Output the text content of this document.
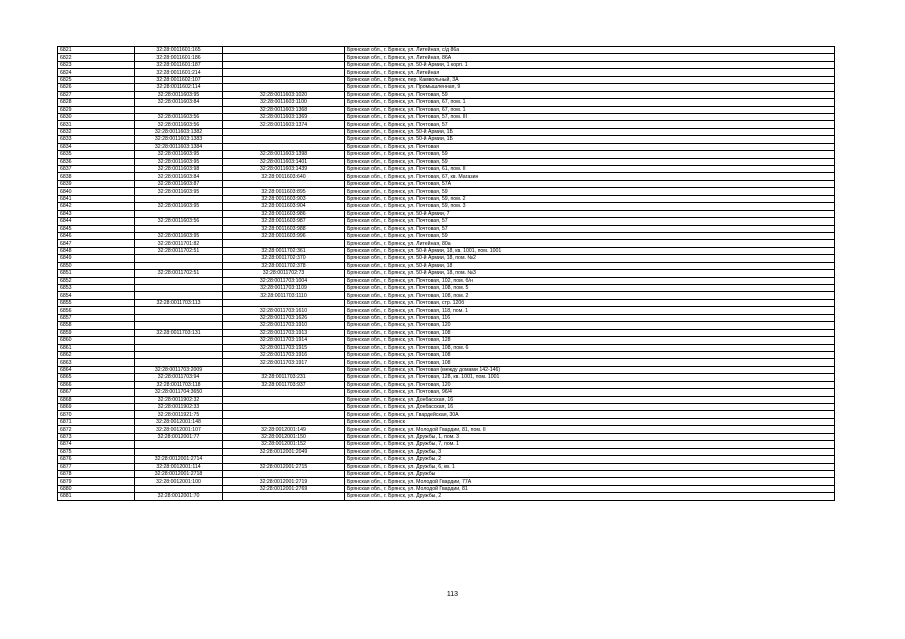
6821	32:28:0011601:165		Брянская обл., г. Брянск, ул. Литейная, с/д 86а
6822	32:28:0011601:186		Брянская обл., г. Брянск, ул. Литейная, 86А
6823	32:28:0011601:187		Брянская обл., г. Брянск, ул. 50-й Армии, 1 корп. 1
6824	32:28:0011601:214		Брянская обл., г. Брянск, ул. Литейная
6825	32:28:0011602:107		Брянская обл., г. Брянск, пер. Камвольный, 3А
6826	32:28:0011602:114		Брянская обл., г. Брянск, ул. Промышленная, 9
6827	32:28:0011603:95	32:28:0011603:1020	Брянская обл., г. Брянск, ул. Почтовая, 59
6828	32:28:0011603:84	32:28:0011603:1100	Брянская обл., г. Брянск, ул. Почтовая, 67, пом. 1
6829		32:28:0011603:1368	Брянская обл., г. Брянск, ул. Почтовая, 67, пом. 1
6830	32:28:0011603:56	32:28:0011603:1369	Брянская обл., г. Брянск, ул. Почтовая, 57, пом. III
6831	32:28:0011603:56	32:28:0011603:1374	Брянская обл., г. Брянск, ул. Почтовая, 57
6832	32:28:0011603:1382		Брянская обл., г. Брянск, ул. 50-й Армии, 1Б
6833	32:28:0011603:1383		Брянская обл., г. Брянск, ул. 50-й Армии, 1Б
6834	32:28:0011603:1384		Брянская обл., г. Брянск, ул. Почтовая
6835	32:28:0011603:95	32:28:0011603:1398	Брянская обл., г. Брянск, ул. Почтовая, 59
6836	32:28:0011603:95	32:28:0011603:1401	Брянская обл., г. Брянск, ул. Почтовая, 59
6837	32:28:0011603:98	32:28:0011603:1439	Брянская обл., г. Брянск, ул. Почтовая, 61, пом. II
6838	32:28:0011603:84	32:28:0011603:640	Брянская обл., г. Брянск, ул. Почтовая, 67, кв. Магазин
6839	32:28:0011603:87		Брянская обл., г. Брянск, ул. Почтовая, 57А
6840	32:28:0011603:95	32:28:0011603:895	Брянская обл., г. Брянск, ул. Почтовая, 59
6841		32:28:0011603:903	Брянская обл., г. Брянск, ул. Почтовая, 59, пом. 2
6842	32:28:0011603:95	32:28:0011603:904	Брянская обл., г. Брянск, ул. Почтовая, 59, пом. 3
6843		32:28:0011603:986	Брянская обл., г. Брянск, ул. 50-й Армии, 7
6844	32:28:0011603:56	32:28:0011603:987	Брянская обл., г. Брянск, ул. Почтовая, 57
6845		32:28:0011603:988	Брянская обл., г. Брянск, ул. Почтовая, 57
6846	32:28:0011603:95	32:28:0011603:996	Брянская обл., г. Брянск, ул. Почтовая, 59
6847	32:28:0011701:82		Брянская обл., г. Брянск, ул. Литейная, 80а
6848	32:28:0011702:51	32:28:0011702:361	Брянская обл., г. Брянск, ул. 50-й Армии, 18, кв. 1001, пом. 1001
6849		32:28:0011702:370	Брянская обл., г. Брянск, ул. 50-й Армии, 18, пом. №2
6850		32:28:0011702:378	Брянская обл., г. Брянск, ул. 50-й Армии, 18
6851	32:28:0011702:51	32:28:0011702:73	Брянская обл., г. Брянск, ул. 50-й Армии, 18, пом. №3
6852		32:28:0011703:1004	Брянская обл., г. Брянск, ул. Почтовая, 102, пом. б/н
6853		32:28:0011703:1109	Брянская обл., г. Брянск, ул. Почтовая, 108, пом. 5
6854		32:28:0011703:1110	Брянская обл., г. Брянск, ул. Почтовая, 108, пом. 2
6855	32:28:0011703:113		Брянская обл., г. Брянск, ул. Почтовая, стр. 120б
6856		32:28:0011703:1610	Брянская обл., г. Брянск, ул. Почтовая, 118, пом. 1
6857		32:28:0011703:1626	Брянская обл., г. Брянск, ул. Почтовая, 116
6858		32:28:0011703:1910	Брянская обл., г. Брянск, ул. Почтовая, 120
6859	32:28:0011703:131	32:28:0011703:1913	Брянская обл., г. Брянск, ул. Почтовая, 108
6860		32:28:0011703:1914	Брянская обл., г. Брянск, ул. Почтовая, 128
6861		32:28:0011703:1915	Брянская обл., г. Брянск, ул. Почтовая, 108, пом. 6
6862		32:28:0011703:1916	Брянская обл., г. Брянск, ул. Почтовая, 108
6863		32:28:0011703:1917	Брянская обл., г. Брянск, ул. Почтовая, 108
6864	32:28:0011703:2009		Брянская обл., г. Брянск, ул. Почтовая (между домами 142-146)
6865	32:28:0011703:94	32:28:0011703:231	Брянская обл., г. Брянск, ул. Почтовая, 128, кв. 1001, пом. 1001
6866	32:28:0011703:118	32:28:0011703:937	Брянская обл., г. Брянск, ул. Почтовая, 120
6867	32:28:0011704:3650		Брянская обл., г. Брянск, ул. Почтовая, 96/4
6868	32:28:0011902:32		Брянская обл., г. Брянск, ул. Донбасская, 16
6869	32:28:0011902:33		Брянская обл., г. Брянск, ул. Донбасская, 16
6870	32:28:0011921:75		Брянская обл., г. Брянск, ул. Гвардейская, 30А
6871	32:28:0012001:148		Брянская обл., г. Брянск
6872	32:28:0012001:107	32:28:0012001:149	Брянская обл., г. Брянск, ул. Молодой Гвардии, 81, пом. II
6873	32:28:0012001:77	32:28:0012001:150	Брянская обл., г. Брянск, ул. Дружбы, 1, пом. 3
6874		32:28:0012001:152	Брянская обл., г. Брянск, ул. Дружбы, 7, пом. 1
6875		32:28:0012001:2049	Брянская обл., г. Брянск, ул. Дружбы, 3
6876	32:28:0012001:2714		Брянская обл., г. Брянск, ул. Дружбы, 2
6877	32:28:0012001:114	32:28:0012001:2715	Брянская обл., г. Брянск, ул. Дружбы, 6, кв. 1
6878	32:28:0012001:2718		Брянская обл., г. Брянск, ул. Дружбы
6879	32:28:0012001:100	32:28:0012001:2719	Брянская обл., г. Брянск, ул. Молодой Гвардии, 77А
6880		32:28:0012001:2769	Брянская обл., г. Брянск, ул. Молодой Гвардии, 81
6881	32:28:0012001:70		Брянская обл., г. Брянск, ул. Дружбы, 2
113
